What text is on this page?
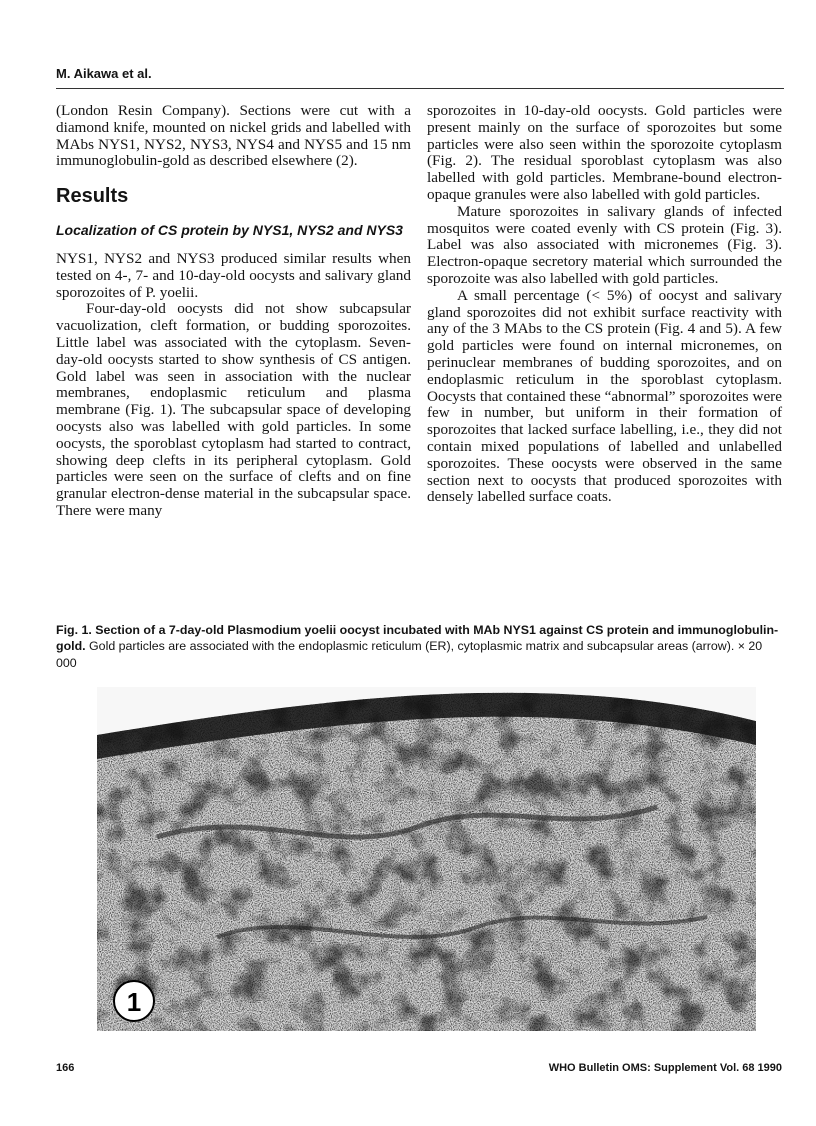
M. Aikawa et al.

(London Resin Company). Sections were cut with a diamond knife, mounted on nickel grids and labelled with MAbs NYS1, NYS2, NYS3, NYS4 and NYS5 and 15 nm immunoglobulin-gold as described elsewhere (2).

Results
Localization of CS protein by NYS1, NYS2 and NYS3

NYS1, NYS2 and NYS3 produced similar results when tested on 4-, 7- and 10-day-old oocysts and salivary gland sporozoites of P. yoelii.

Four-day-old oocysts did not show subcapsular vacuolization, cleft formation, or budding sporozoites. Little label was associated with the cytoplasm. Seven-day-old oocysts started to show synthesis of CS antigen. Gold label was seen in association with the nuclear membranes, endoplasmic reticulum and plasma membrane (Fig. 1). The subcapsular space of developing oocysts also was labelled with gold particles. In some oocysts, the sporoblast cytoplasm had started to contract, showing deep clefts in its peripheral cytoplasm. Gold particles were seen on the surface of clefts and on fine granular electron-dense material in the subcapsular space. There were many

sporozoites in 10-day-old oocysts. Gold particles were present mainly on the surface of sporozoites but some particles were also seen within the sporozoite cytoplasm (Fig. 2). The residual sporoblast cytoplasm was also labelled with gold particles. Membrane-bound electron-opaque granules were also labelled with gold particles.

Mature sporozoites in salivary glands of infected mosquitos were coated evenly with CS protein (Fig. 3). Label was also associated with micronemes (Fig. 3). Electron-opaque secretory material which surrounded the sporozoite was also labelled with gold particles.

A small percentage (< 5%) of oocyst and salivary gland sporozoites did not exhibit surface reactivity with any of the 3 MAbs to the CS protein (Fig. 4 and 5). A few gold particles were found on internal micronemes, on perinuclear membranes of budding sporozoites, and on endoplasmic reticulum in the sporoblast cytoplasm. Oocysts that contained these “abnormal” sporozoites were few in number, but uniform in their formation of sporozoites that lacked surface labelling, i.e., they did not contain mixed populations of labelled and unlabelled sporozoites. These oocysts were observed in the same section next to oocysts that produced sporozoites with densely labelled surface coats.

Fig. 1. Section of a 7-day-old Plasmodium yoelii oocyst incubated with MAb NYS1 against CS protein and immunoglobulin-gold. Gold particles are associated with the endoplasmic reticulum (ER), cytoplasmic matrix and subcapsular areas (arrow). × 20 000
1
166	WHO Bulletin OMS: Supplement Vol. 68 1990
